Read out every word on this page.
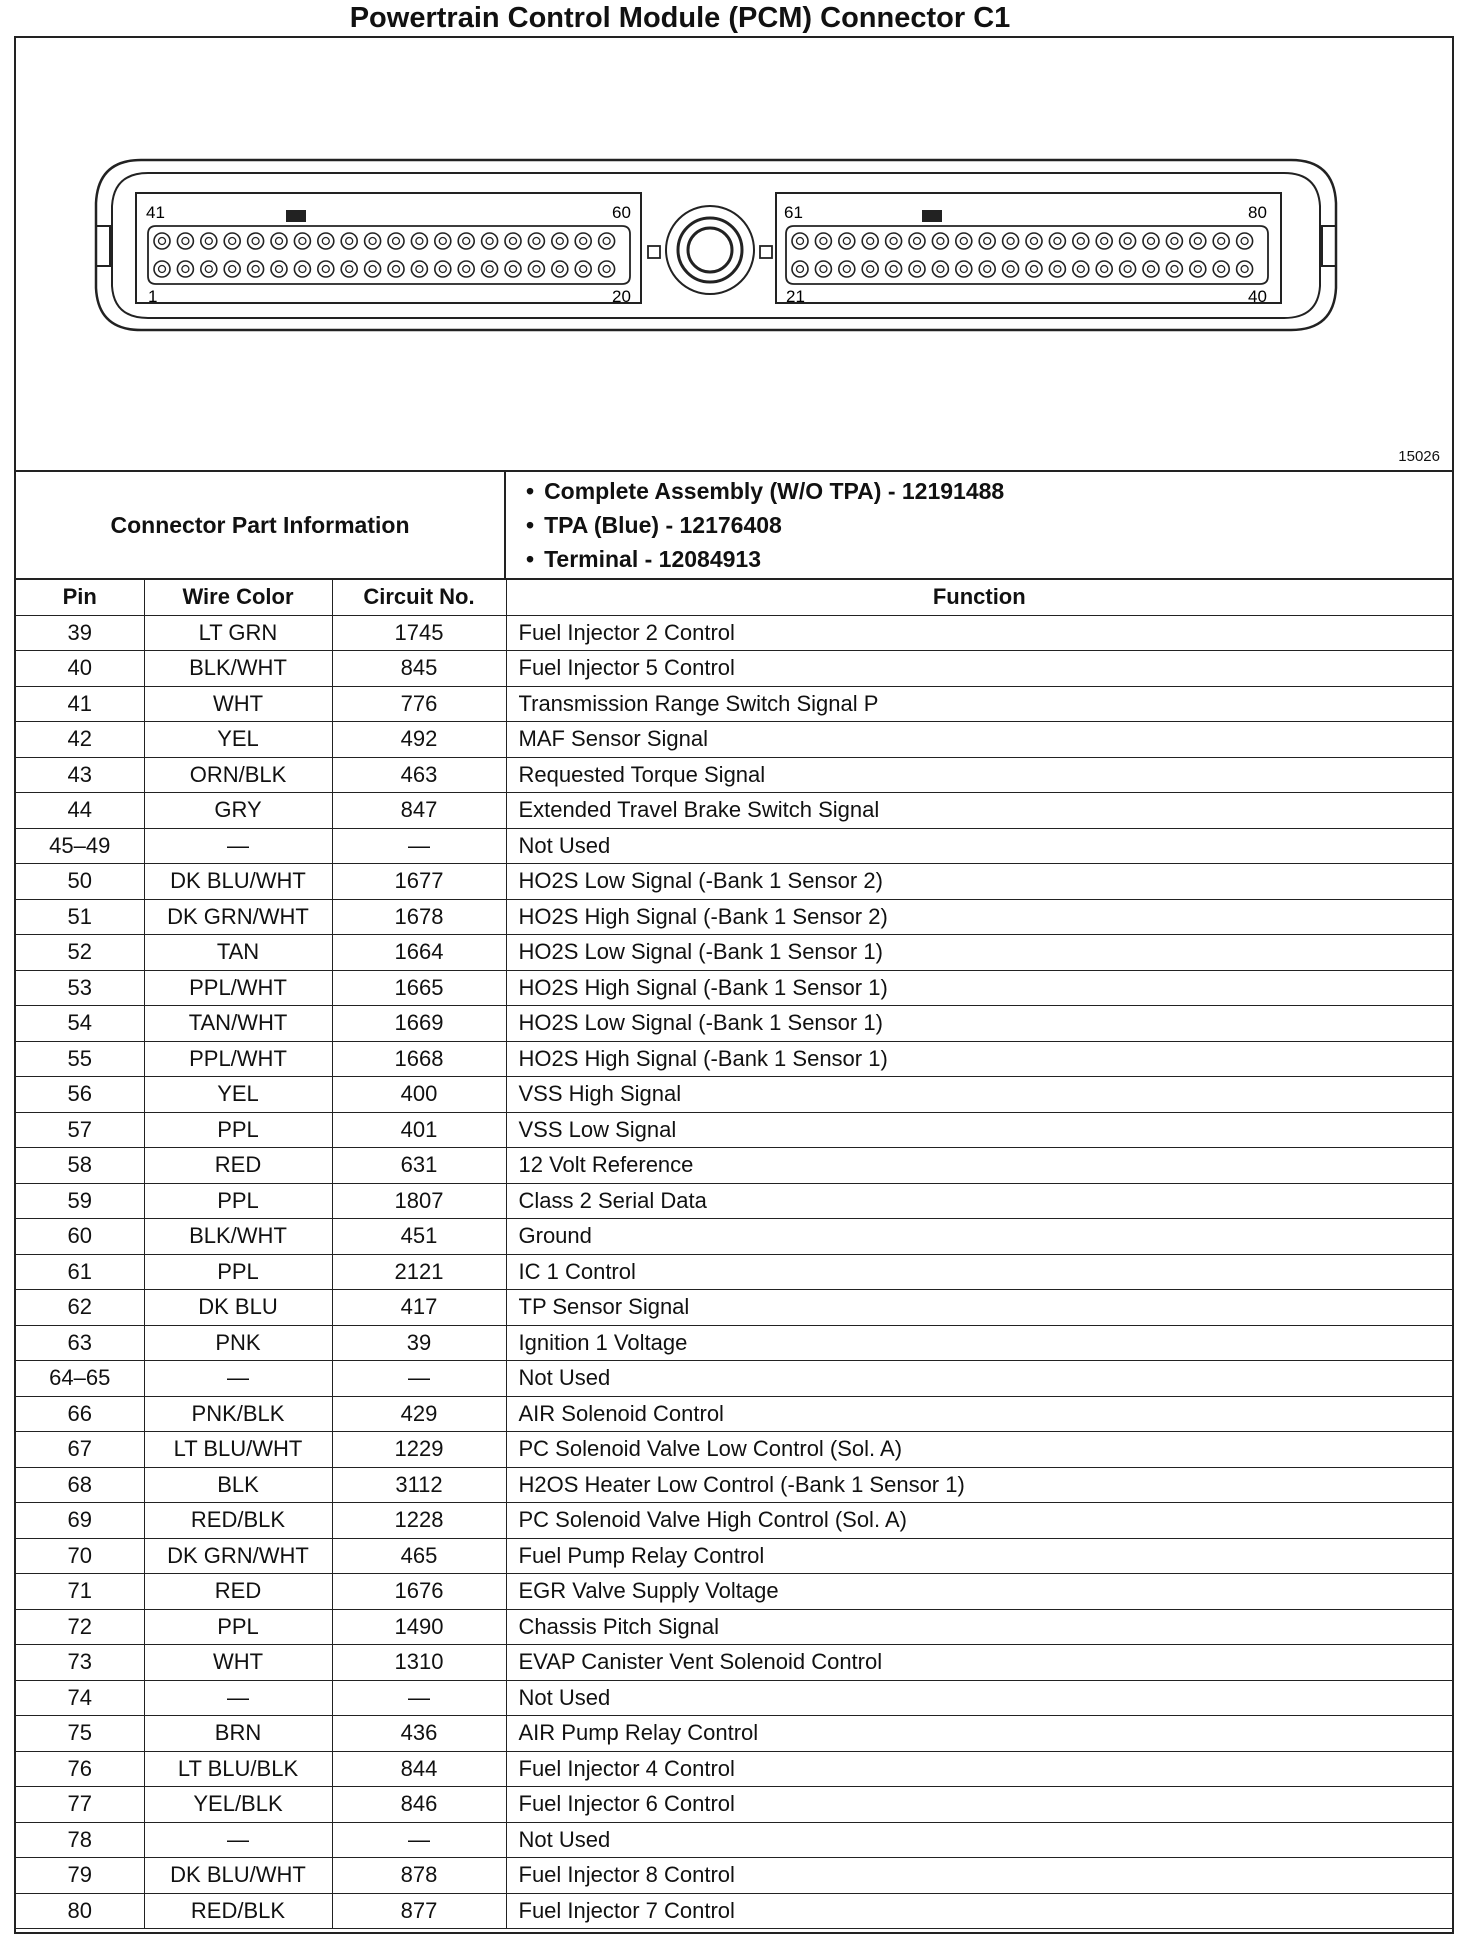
Powertrain Control Module (PCM) Connector C1
41	60
1	20
61	80
21	40
15026
Connector Part Information
• Complete Assembly (W/O TPA) - 12191488
• TPA (Blue) - 12176408
• Terminal - 12084913
Pin	Wire Color	Circuit No.	Function
39	LT GRN	1745	Fuel Injector 2 Control
40	BLK/WHT	845	Fuel Injector 5 Control
41	WHT	776	Transmission Range Switch Signal P
42	YEL	492	MAF Sensor Signal
43	ORN/BLK	463	Requested Torque Signal
44	GRY	847	Extended Travel Brake Switch Signal
45–49	—	—	Not Used
50	DK BLU/WHT	1677	HO2S Low Signal (-Bank 1 Sensor 2)
51	DK GRN/WHT	1678	HO2S High Signal (-Bank 1 Sensor 2)
52	TAN	1664	HO2S Low Signal (-Bank 1 Sensor 1)
53	PPL/WHT	1665	HO2S High Signal (-Bank 1 Sensor 1)
54	TAN/WHT	1669	HO2S Low Signal (-Bank 1 Sensor 1)
55	PPL/WHT	1668	HO2S High Signal (-Bank 1 Sensor 1)
56	YEL	400	VSS High Signal
57	PPL	401	VSS Low Signal
58	RED	631	12 Volt Reference
59	PPL	1807	Class 2 Serial Data
60	BLK/WHT	451	Ground
61	PPL	2121	IC 1 Control
62	DK BLU	417	TP Sensor Signal
63	PNK	39	Ignition 1 Voltage
64–65	—	—	Not Used
66	PNK/BLK	429	AIR Solenoid Control
67	LT BLU/WHT	1229	PC Solenoid Valve Low Control (Sol. A)
68	BLK	3112	H2OS Heater Low Control (-Bank 1 Sensor 1)
69	RED/BLK	1228	PC Solenoid Valve High Control (Sol. A)
70	DK GRN/WHT	465	Fuel Pump Relay Control
71	RED	1676	EGR Valve Supply Voltage
72	PPL	1490	Chassis Pitch Signal
73	WHT	1310	EVAP Canister Vent Solenoid Control
74	—	—	Not Used
75	BRN	436	AIR Pump Relay Control
76	LT BLU/BLK	844	Fuel Injector 4 Control
77	YEL/BLK	846	Fuel Injector 6 Control
78	—	—	Not Used
79	DK BLU/WHT	878	Fuel Injector 8 Control
80	RED/BLK	877	Fuel Injector 7 Control
